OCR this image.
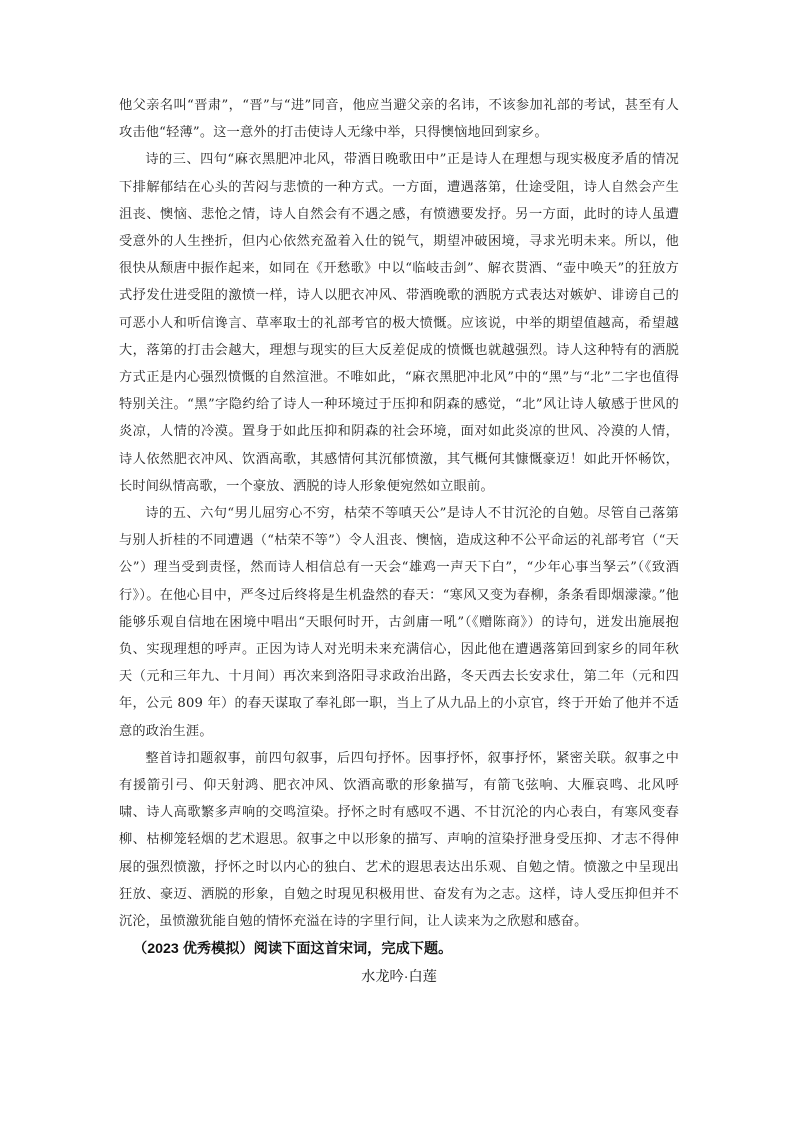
他父亲名叫“晋肃”，“晋”与“进”同音，他应当避父亲的名讳，不该参加礼部的考试，甚至有人攻击他“轻薄”。这一意外的打击使诗人无缘中举，只得懊恼地回到家乡。

诗的三、四句“麻衣黑肥冲北风，带酒日晚歌田中”正是诗人在理想与现实极度矛盾的情况下排解郁结在心头的苦闷与悲愤的一种方式。一方面，遭遇落第，仕途受阻，诗人自然会产生沮丧、懊恼、悲怆之情，诗人自然会有不遇之感，有愤懑要发抒。另一方面，此时的诗人虽遭受意外的人生挫折，但内心依然充盈着入仕的锐气，期望冲破困境，寻求光明未来。所以，他很快从颓唐中振作起来，如同在《开愁歌》中以“临岐击剑”、解衣贳酒、“壶中唤天”的狂放方式抒发仕进受阻的激愤一样，诗人以肥衣冲风、带酒晚歌的洒脱方式表达对嫉妒、诽谤自己的可恶小人和听信谗言、草率取士的礼部考官的极大愤慨。应该说，中举的期望值越高，希望越大，落第的打击会越大，理想与现实的巨大反差促成的愤慨也就越强烈。诗人这种特有的洒脱方式正是内心强烈愤慨的自然渲泄。不唯如此，“麻衣黑肥冲北风”中的“黑”与“北”二字也值得特别关注。“黑”字隐约给了诗人一种环境过于压抑和阴森的感觉，“北”风让诗人敏感于世风的炎凉，人情的冷漠。置身于如此压抑和阴森的社会环境，面对如此炎凉的世风、冷漠的人情，诗人依然肥衣冲风、饮酒高歌，其感情何其沉郁愤激，其气概何其慷慨豪迈！如此开怀畅饮，长时间纵情高歌，一个豪放、洒脱的诗人形象便宛然如立眼前。

诗的五、六句“男儿屈穷心不穷，枯荣不等嗔天公”是诗人不甘沉沦的自勉。尽管自己落第与别人折桂的不同遭遇（“枯荣不等”）令人沮丧、懊恼，造成这种不公平命运的礼部考官（“天公”）理当受到责怪，然而诗人相信总有一天会“雄鸡一声天下白”，“少年心事当孥云”（《致酒行》）。在他心目中，严冬过后终将是生机盎然的春天：“寒风又变为春柳，条条看即烟濛濛。”他能够乐观自信地在困境中唱出“天眼何时开，古剑庸一吼”（《赠陈商》）的诗句，迸发出施展抱负、实现理想的呼声。正因为诗人对光明未来充满信心，因此他在遭遇落第回到家乡的同年秋天（元和三年九、十月间）再次来到洛阳寻求政治出路，冬天西去长安求仕，第二年（元和四年，公元 809 年）的春天谋取了奉礼郎一职，当上了从九品上的小京官，终于开始了他并不适意的政治生涯。

整首诗扣题叙事，前四句叙事，后四句抒怀。因事抒怀，叙事抒怀，紧密关联。叙事之中有援箭引弓、仰天射鸿、肥衣冲风、饮酒高歌的形象描写，有箭飞弦响、大雁哀鸣、北风呼啸、诗人高歌繁多声响的交鸣渲染。抒怀之时有感叹不遇、不甘沉沦的内心表白，有寒风变春柳、枯柳笼轻烟的艺术遐思。叙事之中以形象的描写、声响的渲染抒泄身受压抑、才志不得伸展的强烈愤激，抒怀之时以内心的独白、艺术的遐思表达出乐观、自勉之情。愤激之中呈现出狂放、豪迈、洒脱的形象，自勉之时現见积极用世、奋发有为之志。这样，诗人受压抑但并不沉沦，虽愤激犹能自勉的情怀充溢在诗的字里行间，让人读来为之欣慰和感奋。

（2023 优秀模拟）阅读下面这首宋词，完成下题。

水龙吟·白莲
